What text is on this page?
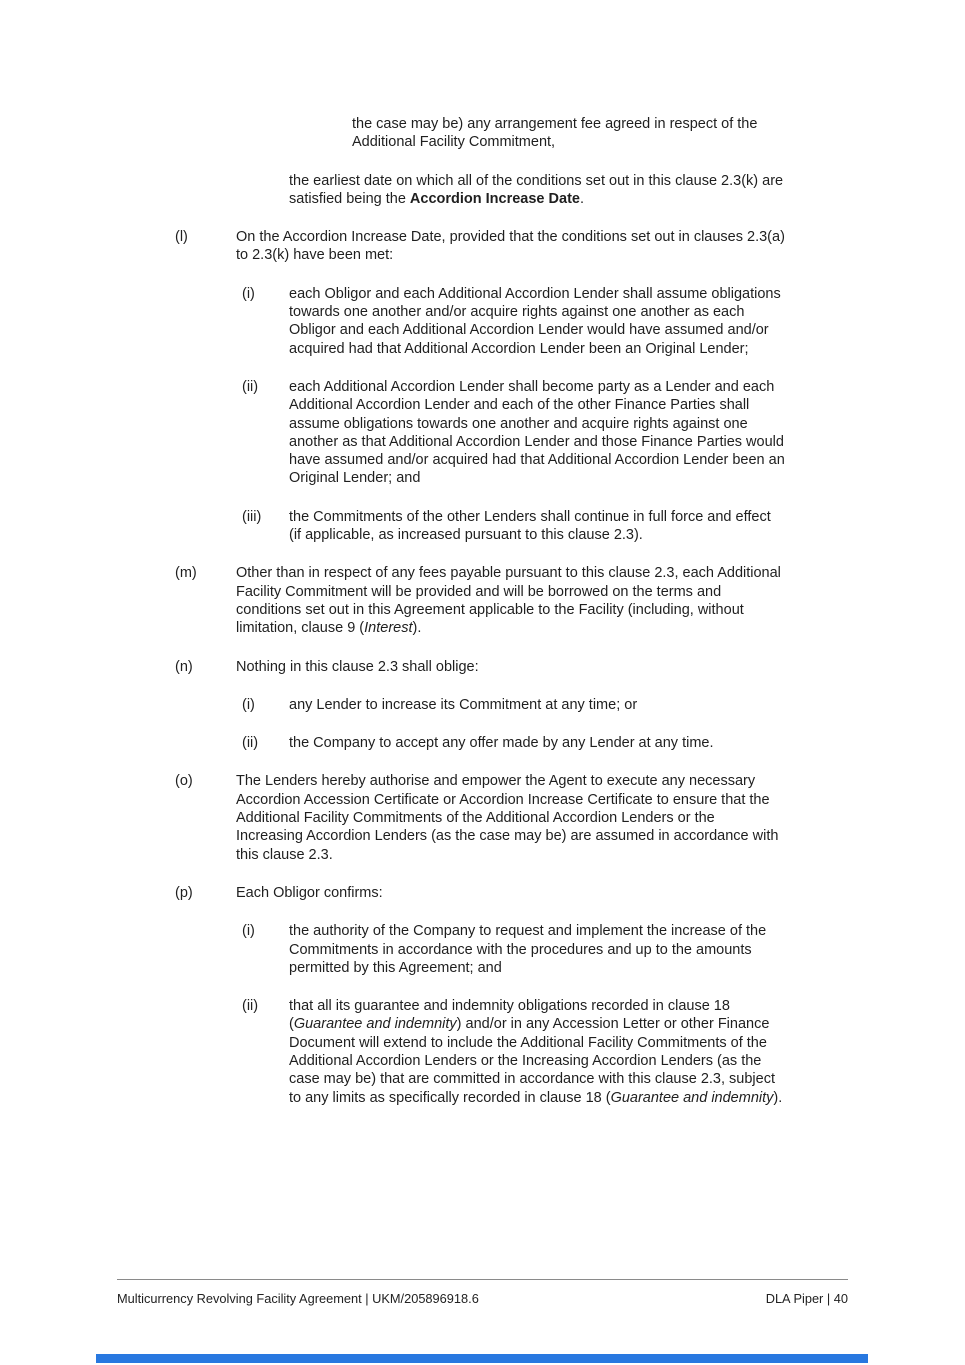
the case may be) any arrangement fee agreed in respect of the
Additional Facility Commitment,
the earliest date on which all of the conditions set out in this clause 2.3(k) are
satisfied being the Accordion Increase Date.
(l)	On the Accordion Increase Date, provided that the conditions set out in clauses 2.3(a)
to 2.3(k) have been met:
(i) each Obligor and each Additional Accordion Lender shall assume obligations
towards one another and/or acquire rights against one another as each
Obligor and each Additional Accordion Lender would have assumed and/or
acquired had that Additional Accordion Lender been an Original Lender;
(ii) each Additional Accordion Lender shall become party as a Lender and each
Additional Accordion Lender and each of the other Finance Parties shall
assume obligations towards one another and acquire rights against one
another as that Additional Accordion Lender and those Finance Parties would
have assumed and/or acquired had that Additional Accordion Lender been an
Original Lender; and
(iii) the Commitments of the other Lenders shall continue in full force and effect
(if applicable, as increased pursuant to this clause 2.3).
(m)	Other than in respect of any fees payable pursuant to this clause 2.3, each Additional
Facility Commitment will be provided and will be borrowed on the terms and
conditions set out in this Agreement applicable to the Facility (including, without
limitation, clause 9 (Interest).
(n)	Nothing in this clause 2.3 shall oblige:
(i) any Lender to increase its Commitment at any time; or
(ii) the Company to accept any offer made by any Lender at any time.
(o)	The Lenders hereby authorise and empower the Agent to execute any necessary
Accordion Accession Certificate or Accordion Increase Certificate to ensure that the
Additional Facility Commitments of the Additional Accordion Lenders or the
Increasing Accordion Lenders (as the case may be) are assumed in accordance with
this clause 2.3.
(p)	Each Obligor confirms:
(i) the authority of the Company to request and implement the increase of the
Commitments in accordance with the procedures and up to the amounts
permitted by this Agreement; and
(ii) that all its guarantee and indemnity obligations recorded in clause 18
(Guarantee and indemnity) and/or in any Accession Letter or other Finance
Document will extend to include the Additional Facility Commitments of the
Additional Accordion Lenders or the Increasing Accordion Lenders (as the
case may be) that are committed in accordance with this clause 2.3, subject
to any limits as specifically recorded in clause 18 (Guarantee and indemnity).
Multicurrency Revolving Facility Agreement | UKM/205896918.6	DLA Piper | 40
